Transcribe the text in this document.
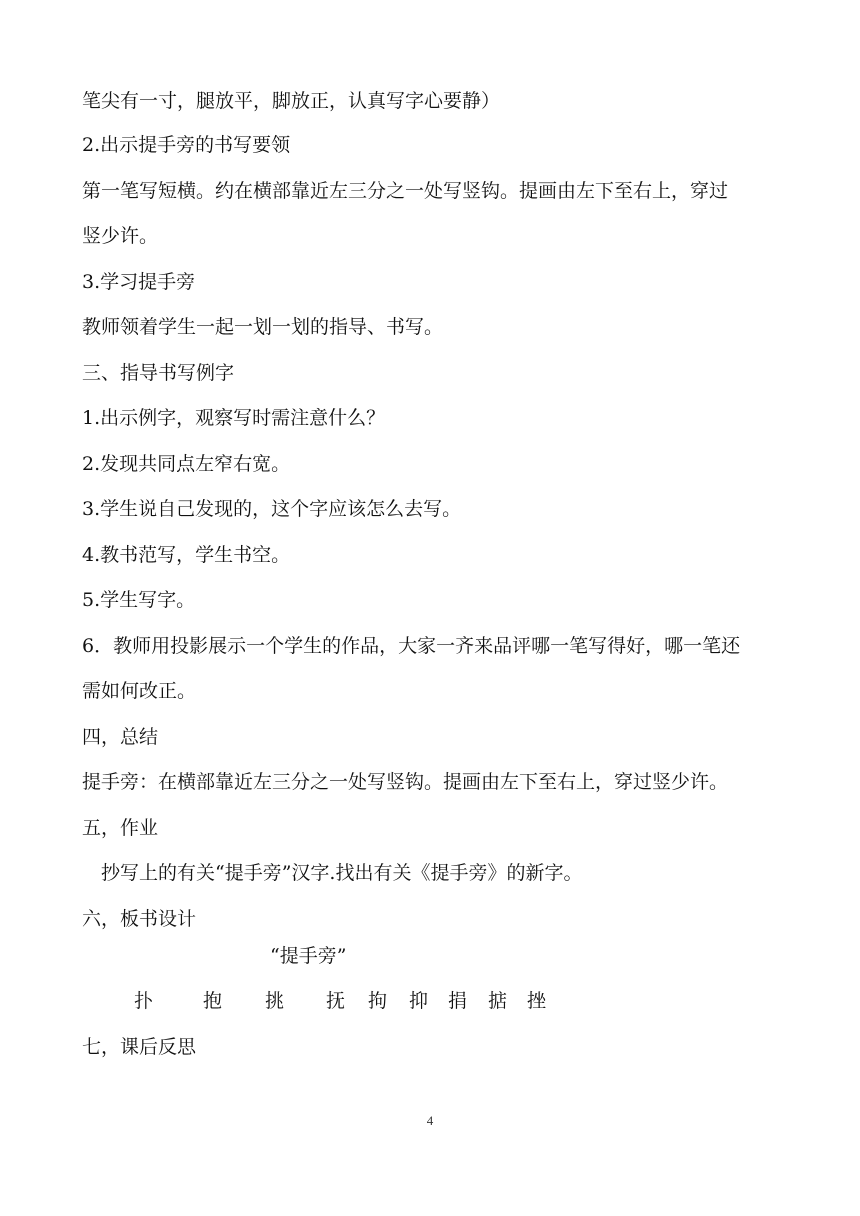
笔尖有一寸，腿放平，脚放正，认真写字心要静）

2.出示提手旁的书写要领

第一笔写短横。约在横部靠近左三分之一处写竖钩。提画由左下至右上，穿过

竖少许。

3.学习提手旁

教师领着学生一起一划一划的指导、书写。

三、指导书写例字

1.出示例字，观察写时需注意什么？

2.发现共同点左窄右宽。

3.学生说自己发现的，这个字应该怎么去写。

4.教书范写，学生书空。

5.学生写字。

6．教师用投影展示一个学生的作品，大家一齐来品评哪一笔写得好，哪一笔还

需如何改正。

四，总结

提手旁：在横部靠近左三分之一处写竖钩。提画由左下至右上，穿过竖少许。

五，作业

抄写上的有关“提手旁”汉字.找出有关《提手旁》的新字。

六，板书设计

“提手旁”

扑	抱 挑 抚 拘 抑 捐 掂 挫

七，课后反思

4
